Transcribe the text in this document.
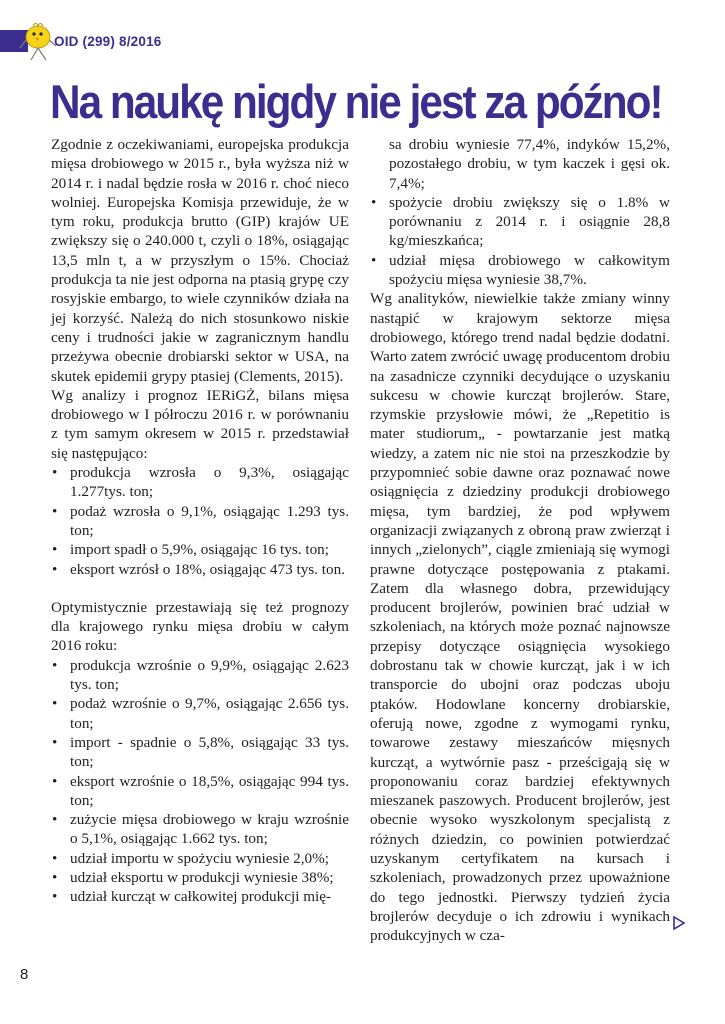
OID (299) 8/2016
Na naukę nigdy nie jest za późno!

Zgodnie z oczekiwaniami, europejska produkcja mięsa drobiowego w 2015 r., była wyższa niż w 2014 r. i nadal będzie rosła w 2016 r. choć nieco wolniej. Europejska Komisja przewiduje, że w tym roku, produkcja brutto (GIP) krajów UE zwiększy się o 240.000 t, czyli o 18%, osiągając 13,5 mln t, a w przyszłym o 15%. Chociaż produkcja ta nie jest odporna na ptasią grypę czy rosyjskie embargo, to wiele czynników działa na jej korzyść. Należą do nich stosunkowo niskie ceny i trudności jakie w zagranicznym handlu przeżywa obecnie drobiarski sektor w USA, na skutek epidemii grypy ptasiej (Clements, 2015).

Wg analizy i prognoz IERiGŻ, bilans mięsa drobiowego w I półroczu 2016 r. w porównaniu z tym samym okresem w 2015 r. przedstawiał się następująco:

• produkcja wzrosła o 9,3%, osiągając 1.277tys. ton;
• podaż wzrosła o 9,1%, osiągając 1.293 tys. ton;
• import spadł o 5,9%, osiągając 16 tys. ton;
• eksport wzrósł o 18%, osiągając 473 tys. ton.

Optymistycznie przestawiają się też prognozy dla krajowego rynku mięsa drobiu w całym 2016 roku:

• produkcja wzrośnie o 9,9%, osiągając 2.623 tys. ton;
• podaż wzrośnie o 9,7%, osiągając 2.656 tys. ton;
• import - spadnie o 5,8%, osiągając 33 tys. ton;
• eksport wzrośnie o 18,5%, osiągając 994 tys. ton;
• zużycie mięsa drobiowego w kraju wzrośnie o 5,1%, osiągając 1.662 tys. ton;
• udział importu w spożyciu wyniesie 2,0%;
• udział eksportu w produkcji wyniesie 38%;
• udział kurcząt w całkowitej produkcji mię-

sa drobiu wyniesie 77,4%, indyków 15,2%, pozostałego drobiu, w tym kaczek i gęsi ok. 7,4%;

• spożycie drobiu zwiększy się o 1.8% w porównaniu z 2014 r. i osiągnie 28,8 kg/mieszkańca;
• udział mięsa drobiowego w całkowitym spożyciu mięsa wyniesie 38,7%.

Wg analityków, niewielkie także zmiany winny nastąpić w krajowym sektorze mięsa drobiowego, którego trend nadal będzie dodatni. Warto zatem zwrócić uwagę producentom drobiu na zasadnicze czynniki decydujące o uzyskaniu sukcesu w chowie kurcząt brojlerów. Stare, rzymskie przysłowie mówi, że „Repetitio is mater studiorum„ - powtarzanie jest matką wiedzy, a zatem nic nie stoi na przeszkodzie by przypomnieć sobie dawne oraz poznawać nowe osiągnięcia z dziedziny produkcji drobiowego mięsa, tym bardziej, że pod wpływem organizacji związanych z obroną praw zwierząt i innych „zielonych”, ciągle zmieniają się wymogi prawne dotyczące postępowania z ptakami. Zatem dla własnego dobra, przewidujący producent brojlerów, powinien brać udział w szkoleniach, na których może poznać najnowsze przepisy dotyczące osiągnięcia wysokiego dobrostanu tak w chowie kurcząt, jak i w ich transporcie do ubojni oraz podczas uboju ptaków. Hodowlane koncerny drobiarskie, oferują nowe, zgodne z wymogami rynku, towarowe zestawy mieszańców mięsnych kurcząt, a wytwórnie pasz - prześcigają się w proponowaniu coraz bardziej efektywnych mieszanek paszowych. Producent brojlerów, jest obecnie wysoko wyszkolonym specjalistą z różnych dziedzin, co powinien potwierdzać uzyskanym certyfikatem na kursach i szkoleniach, prowadzonych przez upoważnione do tego jednostki. Pierwszy tydzień życia brojlerów decyduje o ich zdrowiu i wynikach produkcyjnych w cza-

8
